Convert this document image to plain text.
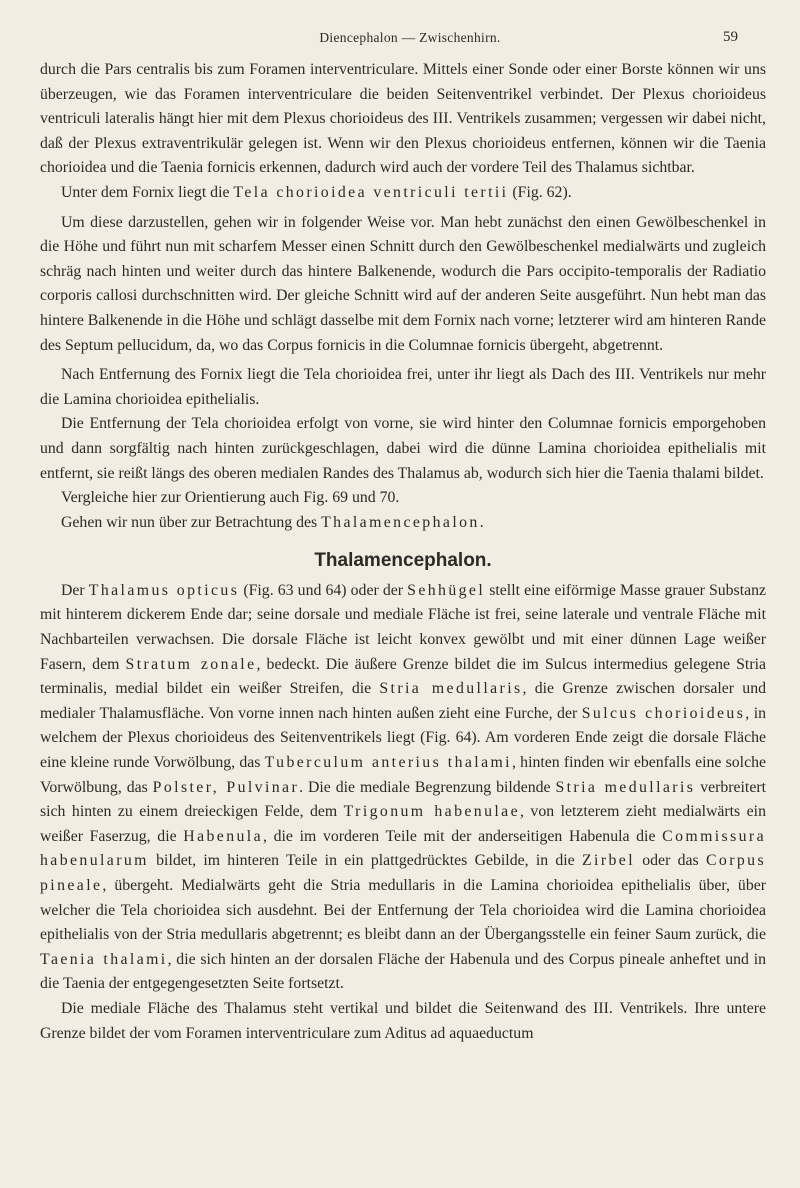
Diencephalon — Zwischenhirn.	59

durch die Pars centralis bis zum Foramen interventriculare. Mittels einer Sonde oder einer Borste können wir uns überzeugen, wie das Foramen interventriculare die beiden Seitenventrikel verbindet. Der Plexus chorioideus ventriculi lateralis hängt hier mit dem Plexus chorioideus des III. Ventrikels zusammen; vergessen wir dabei nicht, daß der Plexus extraventrikulär gelegen ist. Wenn wir den Plexus chorioideus entfernen, können wir die Taenia chorioidea und die Taenia fornicis erkennen, dadurch wird auch der vordere Teil des Thalamus sichtbar.

Unter dem Fornix liegt die Tela chorioidea ventriculi tertii (Fig. 62).

Um diese darzustellen, gehen wir in folgender Weise vor. Man hebt zunächst den einen Gewölbeschenkel in die Höhe und führt nun mit scharfem Messer einen Schnitt durch den Gewölbeschenkel medialwärts und zugleich schräg nach hinten und weiter durch das hintere Balkenende, wodurch die Pars occipito-temporalis der Radiatio corporis callosi durchschnitten wird. Der gleiche Schnitt wird auf der anderen Seite ausgeführt. Nun hebt man das hintere Balkenende in die Höhe und schlägt dasselbe mit dem Fornix nach vorne; letzterer wird am hinteren Rande des Septum pellucidum, da, wo das Corpus fornicis in die Columnae fornicis übergeht, abgetrennt.

Nach Entfernung des Fornix liegt die Tela chorioidea frei, unter ihr liegt als Dach des III. Ventrikels nur mehr die Lamina chorioidea epithelialis.

Die Entfernung der Tela chorioidea erfolgt von vorne, sie wird hinter den Columnae fornicis emporgehoben und dann sorgfältig nach hinten zurückgeschlagen, dabei wird die dünne Lamina chorioidea epithelialis mit entfernt, sie reißt längs des oberen medialen Randes des Thalamus ab, wodurch sich hier die Taenia thalami bildet.

Vergleiche hier zur Orientierung auch Fig. 69 und 70.

Gehen wir nun über zur Betrachtung des Thalamencephalon.

Thalamencephalon.

Der Thalamus opticus (Fig. 63 und 64) oder der Sehhügel stellt eine eiförmige Masse grauer Substanz mit hinterem dickerem Ende dar; seine dorsale und mediale Fläche ist frei, seine laterale und ventrale Fläche mit Nachbarteilen verwachsen. Die dorsale Fläche ist leicht konvex gewölbt und mit einer dünnen Lage weißer Fasern, dem Stratum zonale, bedeckt. Die äußere Grenze bildet die im Sulcus intermedius gelegene Stria terminalis, medial bildet ein weißer Streifen, die Stria medullaris, die Grenze zwischen dorsaler und medialer Thalamusfläche. Von vorne innen nach hinten außen zieht eine Furche, der Sulcus chorioideus, in welchem der Plexus chorioideus des Seitenventrikels liegt (Fig. 64). Am vorderen Ende zeigt die dorsale Fläche eine kleine runde Vorwölbung, das Tuberculum anterius thalami, hinten finden wir ebenfalls eine solche Vorwölbung, das Polster, Pulvinar. Die die mediale Begrenzung bildende Stria medullaris verbreitert sich hinten zu einem dreieckigen Felde, dem Trigonum habenulae, von letzterem zieht medialwärts ein weißer Faserzug, die Habenula, die im vorderen Teile mit der anderseitigen Habenula die Commissura habenularum bildet, im hinteren Teile in ein plattgedrücktes Gebilde, in die Zirbel oder das Corpus pineale, übergeht. Medialwärts geht die Stria medullaris in die Lamina chorioidea epithelialis über, über welcher die Tela chorioidea sich ausdehnt. Bei der Entfernung der Tela chorioidea wird die Lamina chorioidea epithelialis von der Stria medullaris abgetrennt; es bleibt dann an der Übergangsstelle ein feiner Saum zurück, die Taenia thalami, die sich hinten an der dorsalen Fläche der Habenula und des Corpus pineale anheftet und in die Taenia der entgegengesetzten Seite fortsetzt.

Die mediale Fläche des Thalamus steht vertikal und bildet die Seitenwand des III. Ventrikels. Ihre untere Grenze bildet der vom Foramen interventriculare zum Aditus ad aquaeductum
